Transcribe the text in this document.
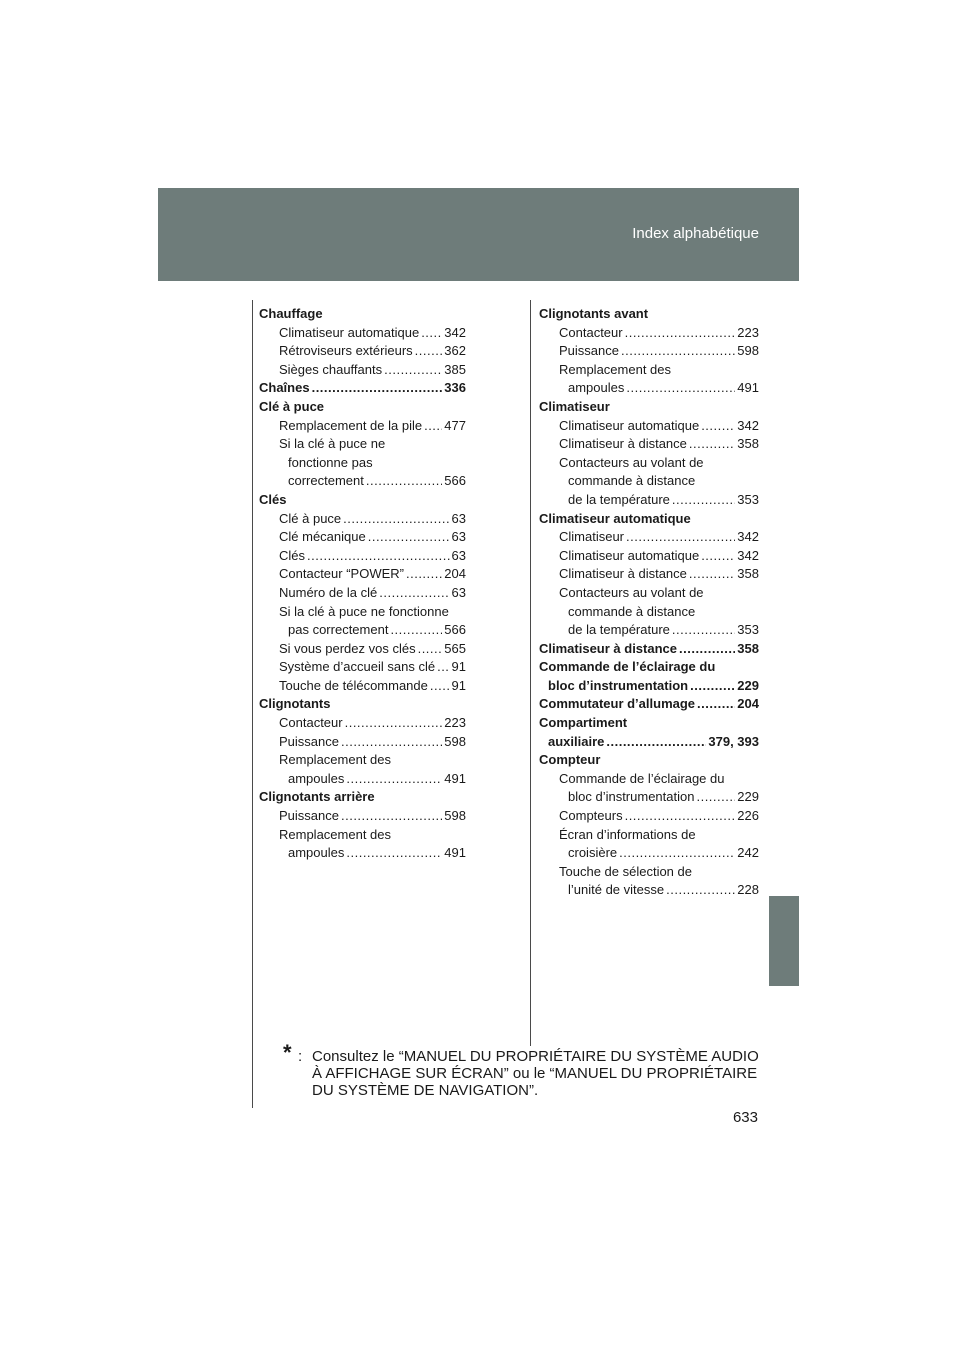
Index alphabétique
Chauffage
Climatiseur automatique ..... 342
Rétroviseurs extérieurs ..... 362
Sièges chauffants .....	385
Chaînes .....	336
Clé à puce
Remplacement de la pile ..... 477
Si la clé à puce ne
fonctionne pas
correctement .....	566
Clés
Clé à puce .....	63
Clé mécanique .....	63
Clés .....	63
Contacteur “POWER” .....	204
Numéro de la clé .....	63
Si la clé à puce ne fonctionne
pas correctement .....	566
Si vous perdez vos clés ..... 565
Système d’accueil sans clé ..... 91
Touche de télécommande ..... 91
Clignotants
Contacteur .....	223
Puissance .....	598
Remplacement des
ampoules .....	491
Clignotants arrière
Puissance .....	598
Remplacement des
ampoules .....	491
Clignotants avant
Contacteur .....	223
Puissance .....	598
Remplacement des
ampoules .....	491
Climatiseur
Climatiseur automatique .....	342
Climatiseur à distance .....	358
Contacteurs au volant de
commande à distance
de la température .....	353
Climatiseur automatique
Climatiseur .....	342
Climatiseur automatique .....	342
Climatiseur à distance .....	358
Contacteurs au volant de
commande à distance
de la température .....	353
Climatiseur à distance .....	358
Commande de l’éclairage du
bloc d’instrumentation .....	229
Commutateur d’allumage .....	204
Compartiment
auxiliaire .....	379, 393
Compteur
Commande de l’éclairage du
bloc d’instrumentation .....	229
Compteurs .....	226
Écran d’informations de
croisière .....	242
Touche de sélection de
l’unité de vitesse .....	228
* : Consultez le “MANUEL DU PROPRIÉTAIRE DU SYSTÈME AUDIO À AFFICHAGE SUR ÉCRAN” ou le “MANUEL DU PROPRIÉTAIRE DU SYSTÈME DE NAVIGATION”.
633
